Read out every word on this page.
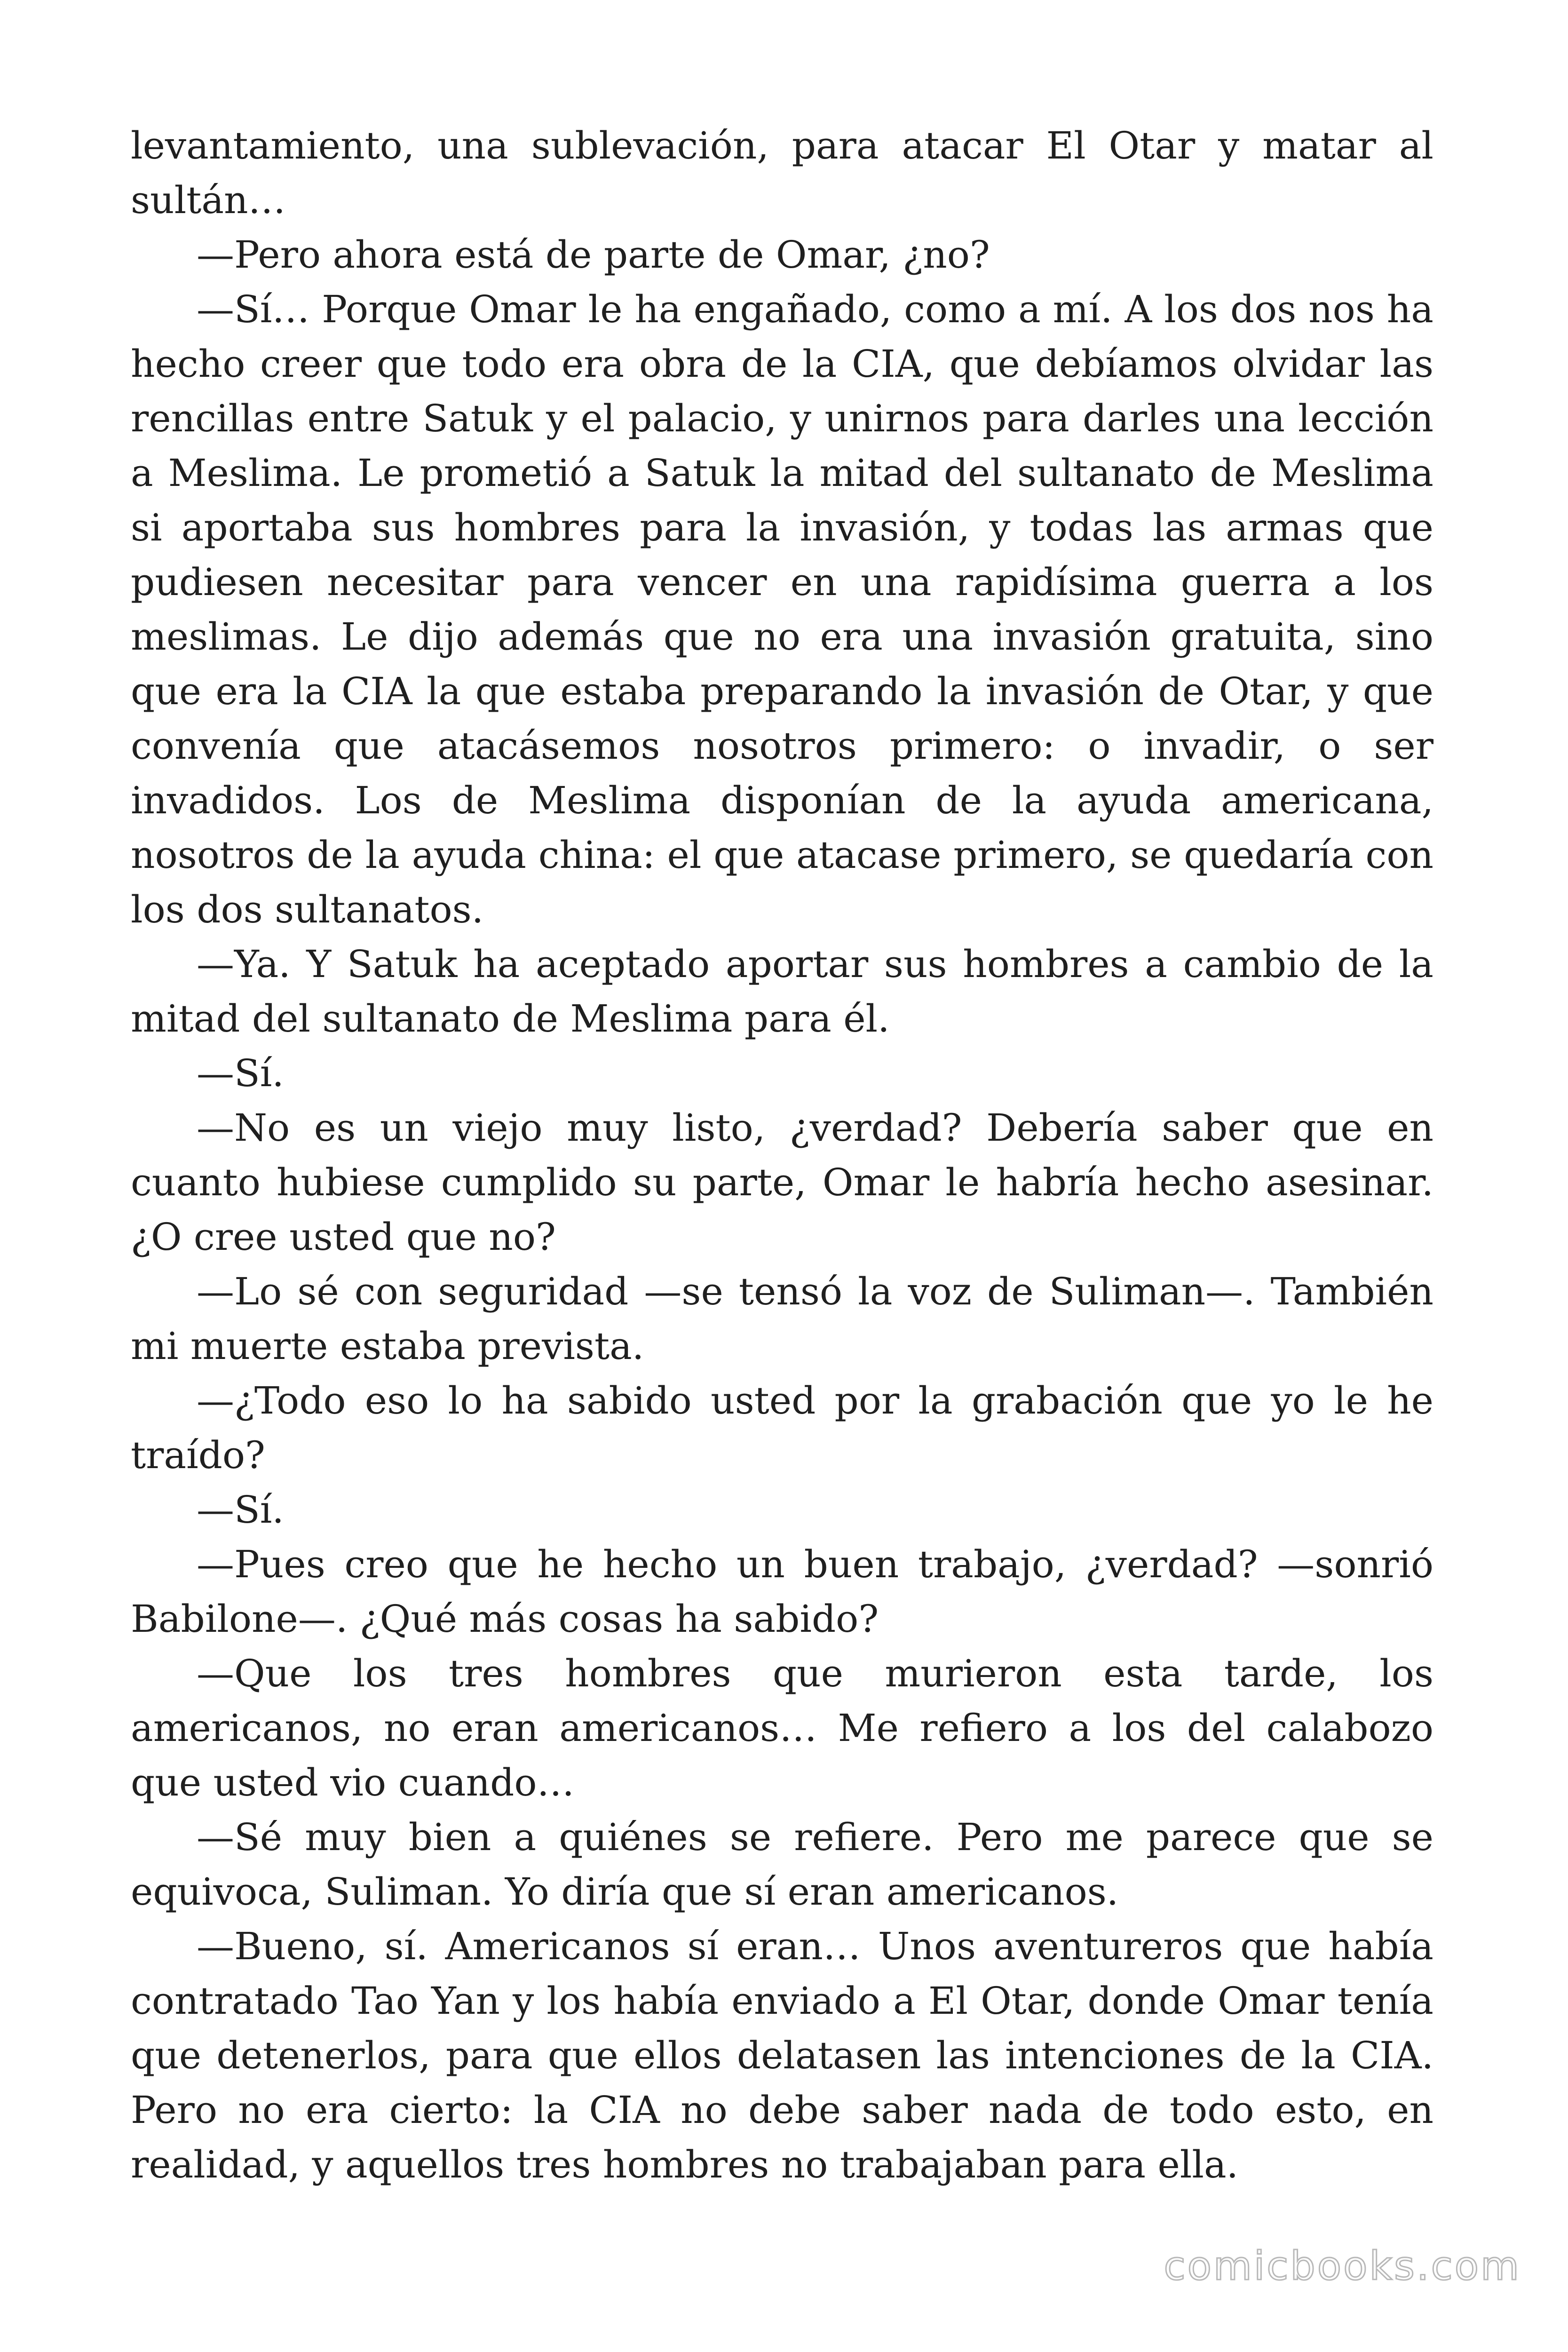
levantamiento, una sublevación, para atacar El Otar y matar al sultán…

—Pero ahora está de parte de Omar, ¿no?

—Sí… Porque Omar le ha engañado, como a mí. A los dos nos ha hecho creer que todo era obra de la CIA, que debíamos olvidar las rencillas entre Satuk y el palacio, y unirnos para darles una lección a Meslima. Le prometió a Satuk la mitad del sultanato de Meslima si aportaba sus hombres para la invasión, y todas las armas que pudiesen necesitar para vencer en una rapidísima guerra a los meslimas. Le dijo además que no era una invasión gratuita, sino que era la CIA la que estaba preparando la invasión de Otar, y que convenía que atacásemos nosotros primero: o invadir, o ser invadidos. Los de Meslima disponían de la ayuda americana, nosotros de la ayuda china: el que atacase primero, se quedaría con los dos sultanatos.

—Ya. Y Satuk ha aceptado aportar sus hombres a cambio de la mitad del sultanato de Meslima para él.

—Sí.

—No es un viejo muy listo, ¿verdad? Debería saber que en cuanto hubiese cumplido su parte, Omar le habría hecho asesinar. ¿O cree usted que no?

—Lo sé con seguridad —se tensó la voz de Suliman—. También mi muerte estaba prevista.

—¿Todo eso lo ha sabido usted por la grabación que yo le he traído?

—Sí.

—Pues creo que he hecho un buen trabajo, ¿verdad? —sonrió Babilone—. ¿Qué más cosas ha sabido?

—Que los tres hombres que murieron esta tarde, los americanos, no eran americanos… Me refiero a los del calabozo que usted vio cuando…

—Sé muy bien a quiénes se refiere. Pero me parece que se equivoca, Suliman. Yo diría que sí eran americanos.

—Bueno, sí. Americanos sí eran… Unos aventureros que había contratado Tao Yan y los había enviado a El Otar, donde Omar tenía que detenerlos, para que ellos delatasen las intenciones de la CIA. Pero no era cierto: la CIA no debe saber nada de todo esto, en realidad, y aquellos tres hombres no trabajaban para ella.

comicbooks.com
